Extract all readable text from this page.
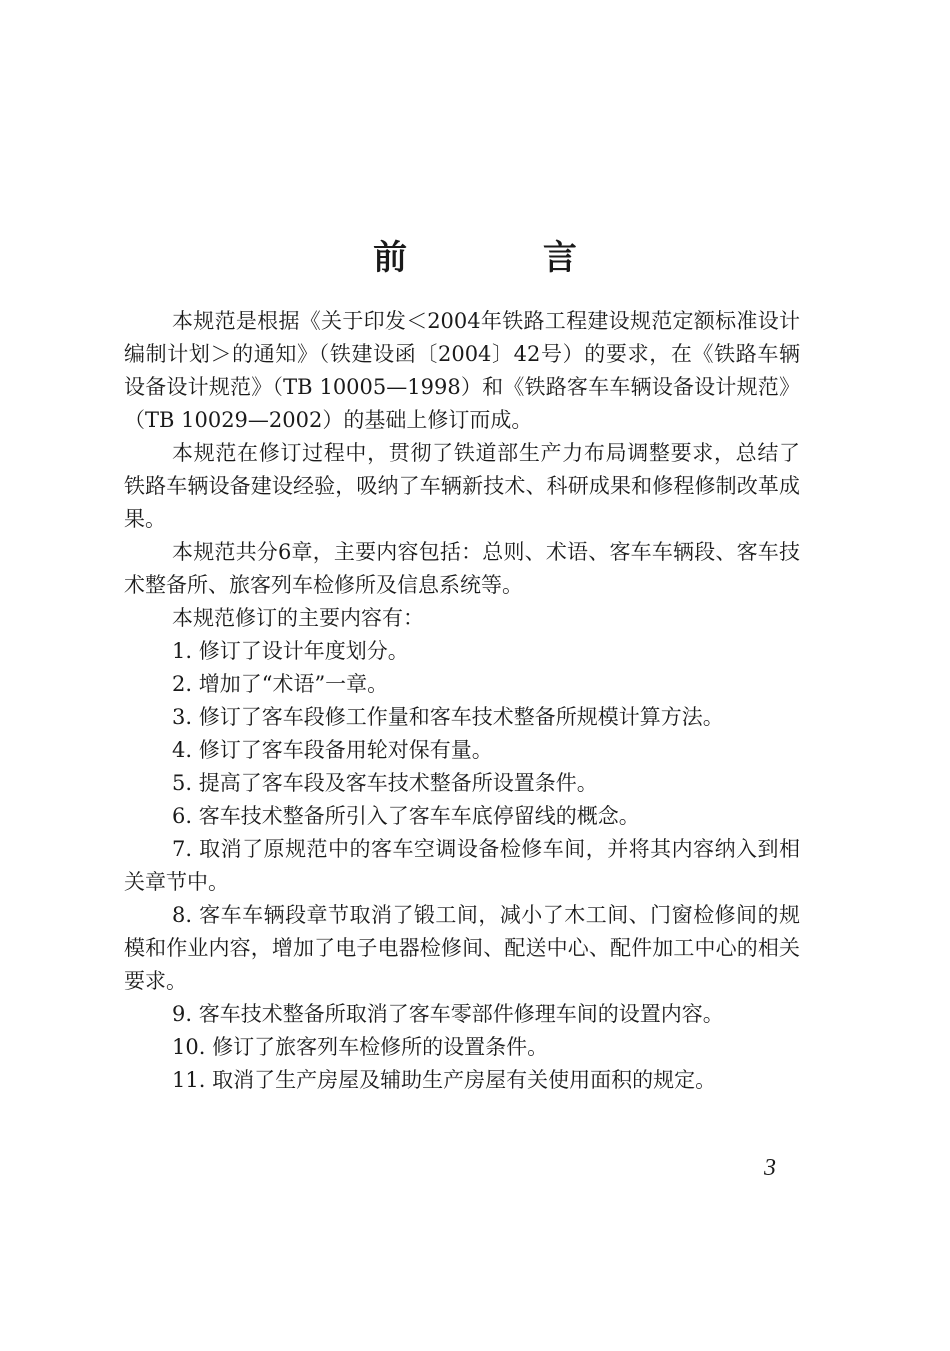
前 言

本规范是根据《关于印发＜2004年铁路工程建设规范定额标准设计编制计划＞的通知》（铁建设函〔2004〕42号）的要求，在《铁路车辆设备设计规范》（TB 10005—1998）和《铁路客车车辆设备设计规范》（TB 10029—2002）的基础上修订而成。

本规范在修订过程中，贯彻了铁道部生产力布局调整要求，总结了铁路车辆设备建设经验，吸纳了车辆新技术、科研成果和修程修制改革成果。

本规范共分6章，主要内容包括：总则、术语、客车车辆段、客车技术整备所、旅客列车检修所及信息系统等。

本规范修订的主要内容有：

1. 修订了设计年度划分。

2. 增加了“术语”一章。

3. 修订了客车段修工作量和客车技术整备所规模计算方法。

4. 修订了客车段备用轮对保有量。

5. 提高了客车段及客车技术整备所设置条件。

6. 客车技术整备所引入了客车车底停留线的概念。

7. 取消了原规范中的客车空调设备检修车间，并将其内容纳入到相关章节中。

8. 客车车辆段章节取消了锻工间，减小了木工间、门窗检修间的规模和作业内容，增加了电子电器检修间、配送中心、配件加工中心的相关要求。

9. 客车技术整备所取消了客车零部件修理车间的设置内容。

10. 修订了旅客列车检修所的设置条件。

11. 取消了生产房屋及辅助生产房屋有关使用面积的规定。

3
